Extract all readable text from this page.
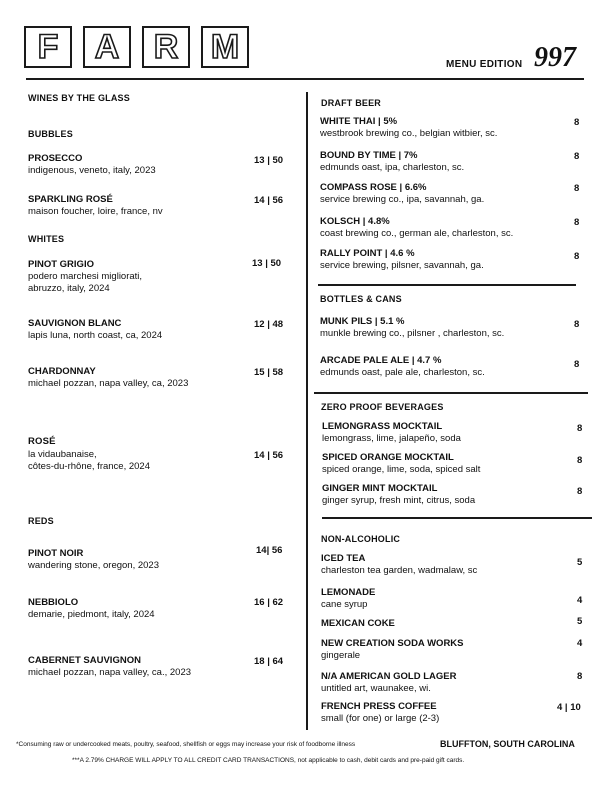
F A R M	MENU EDITION 997
WINES BY THE GLASS
BUBBLES
WHITES
REDS
PROSECCO
indigenous, veneto, italy, 2023
13 | 50
SPARKLING ROSÉ
maison foucher, loire, france, nv
14 | 56
PINOT GRIGIO
podero marchesi migliorati,
abruzzo, italy, 2024
13 | 50
SAUVIGNON BLANC
lapis luna, north coast, ca, 2024
12 | 48
CHARDONNAY
michael pozzan, napa valley, ca, 2023
15 | 58
ROSÉ
la vidaubanaise,
côtes-du-rhône, france, 2024
14 | 56
PINOT NOIR
wandering stone, oregon, 2023
14| 56
NEBBIOLO
demarie, piedmont, italy, 2024
16 | 62
CABERNET SAUVIGNON
michael pozzan, napa valley, ca., 2023
18 | 64
DRAFT BEER
WHITE THAI | 5%
westbrook brewing co., belgian witbier, sc.
8
BOUND BY TIME | 7%
edmunds oast, ipa, charleston, sc.
8
COMPASS ROSE | 6.6%
service brewing co., ipa, savannah, ga.
8
KOLSCH | 4.8%
coast brewing co., german ale, charleston, sc.
8
RALLY POINT | 4.6 %
service brewing, pilsner, savannah, ga.
8
BOTTLES & CANS
MUNK PILS | 5.1 %
munkle brewing co., pilsner , charleston, sc.
8
ARCADE PALE ALE | 4.7 %
edmunds oast, pale ale, charleston, sc.
8
ZERO PROOF BEVERAGES
LEMONGRASS MOCKTAIL
lemongrass, lime, jalapeño, soda
8
SPICED ORANGE MOCKTAIL
spiced orange, lime, soda, spiced salt
8
GINGER MINT MOCKTAIL
ginger syrup, fresh mint, citrus, soda
8
NON-ALCOHOLIC
ICED TEA
charleston tea garden, wadmalaw, sc
5
LEMONADE
cane syrup	4
MEXICAN COKE	5
NEW CREATION SODA WORKS
gingerale
4
N/A AMERICAN GOLD LAGER
untitled art, waunakee, wi.
8
FRENCH PRESS COFFEE
small (for one) or large (2-3)
4 | 10
*Consuming raw or undercooked meats, poultry, seafood, shellfish or eggs may increase your risk of foodborne illness	BLUFFTON, SOUTH CAROLINA
***A 2.79% CHARGE WILL APPLY TO ALL CREDIT CARD TRANSACTIONS, not applicable to cash, debit cards and pre-paid gift cards.
